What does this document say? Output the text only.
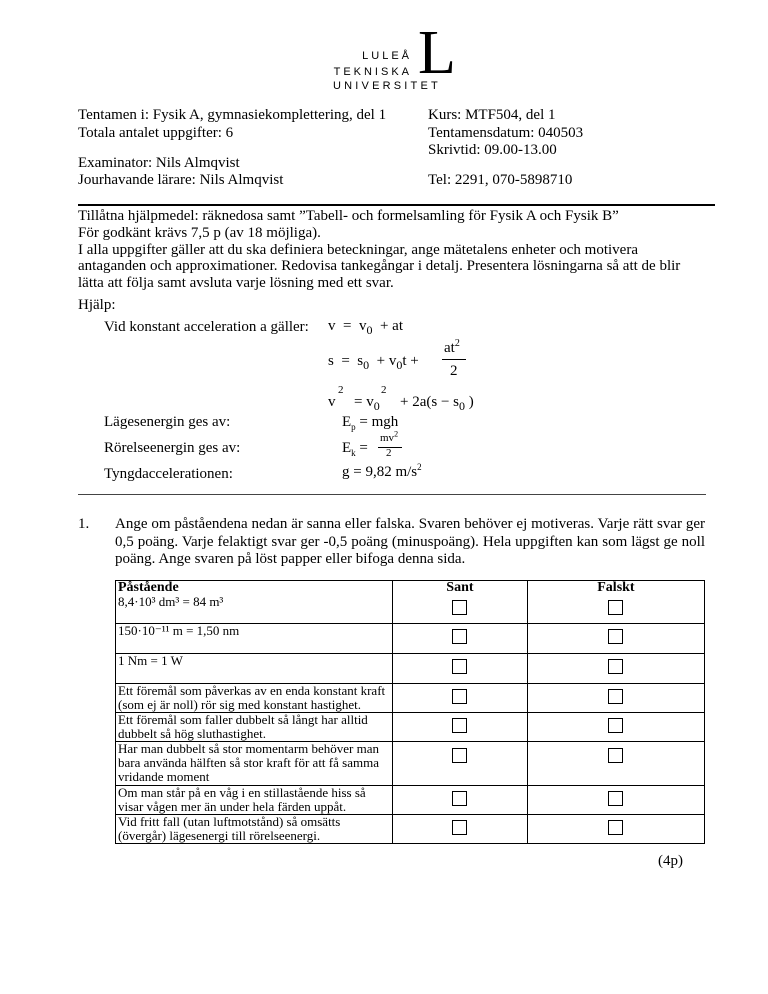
LULEÅ
TEKNISKA
UNIVERSITET
L
Tentamen i: Fysik A, gymnasiekomplettering, del 1
Totala antalet uppgifter: 6
Kurs: MTF504, del 1
Tentamensdatum: 040503
Skrivtid: 09.00-13.00
Examinator: Nils Almqvist
Jourhavande lärare: Nils Almqvist	Tel: 2291, 070-5898710
Tillåtna hjälpmedel: räknedosa samt ”Tabell- och formelsamling för Fysik A och Fysik B”
För godkänt krävs 7,5 p (av 18 möjliga).
I alla uppgifter gäller att du ska definiera beteckningar, ange mätetalens enheter och motivera
antaganden och approximationer. Redovisa tankegångar i detalj. Presentera lösningarna så att de blir
lätta att följa samt avsluta varje lösning med ett svar.
Hjälp:
Vid konstant acceleration a gäller: $v = v_0$  + at
$s = s_0 + v_0t$ +
$at^2$
2
v
2
= $v_0$
2
+ $2a(s - s_0$ )
Lägesenergin ges av:	$E_p$ = mgh
Rörelseenergin ges av:	$E_k$ =
$mv^2$
2
Tyngdaccelerationen:	g = 9,82 $m/s^2$
1. Ange om påståendena nedan är sanna eller falska. Svaren behöver ej motiveras. Varje rätt svar ger 0,5 poäng. Varje felaktigt svar ger -0,5 poäng (minuspoäng). Hela uppgiften kan som lägst ge noll poäng. Ange svaren på löst papper eller bifoga denna sida.
Påstående	Sant	Falskt
8,4·10³ dm³ = 84 m³		
150·10⁻¹¹ m = 1,50 nm		
1 Nm = 1 W		
Ett föremål som påverkas av en enda konstant kraft (som ej är noll) rör sig med konstant hastighet.		
Ett föremål som faller dubbelt så långt har alltid dubbelt så hög sluthastighet.		
Har man dubbelt så stor momentarm behöver man bara använda hälften så stor kraft för att få samma vridande moment		
Om man står på en våg i en stillastående hiss så visar vågen mer än under hela färden uppåt.		
Vid fritt fall (utan luftmotstånd) så omsätts (övergår) lägesenergi till rörelseenergi.		
(4p)
